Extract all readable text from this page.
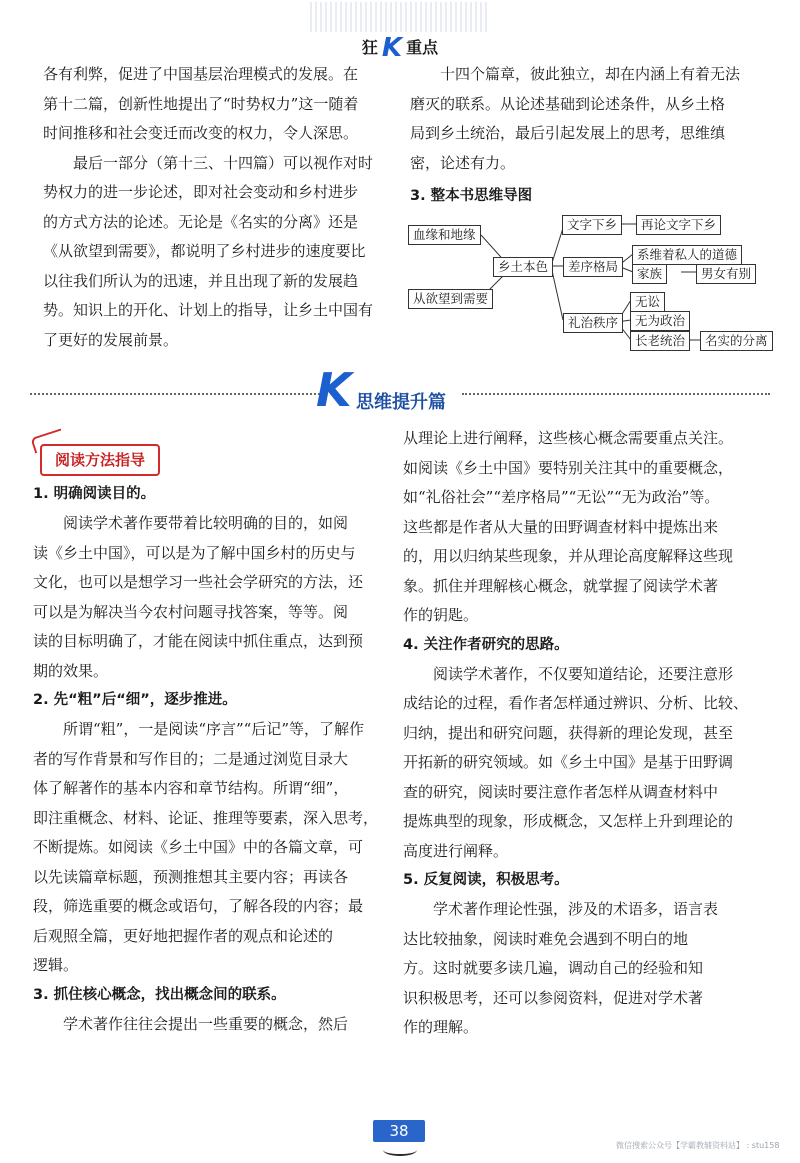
狂 K 重点

各有利弊，促进了中国基层治理模式的发展。在

第十二篇，创新性地提出了“时势权力”这一随着

时间推移和社会变迁而改变的权力，令人深思。

最后一部分（第十三、十四篇）可以视作对时

势权力的进一步论述，即对社会变动和乡村进步

的方式方法的论述。无论是《名实的分离》还是

《从欲望到需要》，都说明了乡村进步的速度要比

以往我们所认为的迅速，并且出现了新的发展趋

势。知识上的开化、计划上的指导，让乡土中国有

了更好的发展前景。

十四个篇章，彼此独立，却在内涵上有着无法

磨灭的联系。从论述基础到论述条件，从乡土格

局到乡土统治，最后引起发展上的思考，思维缜

密，论述有力。

3. 整本书思维导图
血缘和地缘
从欲望到需要
乡土本色
文字下乡	再论文字下乡
差序格局
系维着私人的道德
家族	男女有别
礼治秩序
无讼
无为政治
长老统治	名实的分离
K 思维提升篇
阅读方法指导
1. 明确阅读目的。

阅读学术著作要带着比较明确的目的，如阅

读《乡土中国》，可以是为了解中国乡村的历史与

文化，也可以是想学习一些社会学研究的方法，还

可以是为解决当今农村问题寻找答案，等等。阅

读的目标明确了，才能在阅读中抓住重点，达到预

期的效果。

2. 先“粗”后“细”，逐步推进。

所谓“粗”，一是阅读“序言”“后记”等，了解作

者的写作背景和写作目的；二是通过浏览目录大

体了解著作的基本内容和章节结构。所谓“细”，

即注重概念、材料、论证、推理等要素，深入思考，

不断提炼。如阅读《乡土中国》中的各篇文章，可

以先读篇章标题，预测推想其主要内容；再读各

段，筛选重要的概念或语句，了解各段的内容；最

后观照全篇，更好地把握作者的观点和论述的

逻辑。

3. 抓住核心概念，找出概念间的联系。

学术著作往往会提出一些重要的概念，然后

从理论上进行阐释，这些核心概念需要重点关注。

如阅读《乡土中国》要特别关注其中的重要概念，

如“礼俗社会”“差序格局”“无讼”“无为政治”等。

这些都是作者从大量的田野调查材料中提炼出来

的，用以归纳某些现象，并从理论高度解释这些现

象。抓住并理解核心概念，就掌握了阅读学术著

作的钥匙。

4. 关注作者研究的思路。

阅读学术著作，不仅要知道结论，还要注意形

成结论的过程，看作者怎样通过辨识、分析、比较、

归纳，提出和研究问题，获得新的理论发现，甚至

开拓新的研究领域。如《乡土中国》是基于田野调

查的研究，阅读时要注意作者怎样从调查材料中

提炼典型的现象，形成概念，又怎样上升到理论的

高度进行阐释。

5. 反复阅读，积极思考。

学术著作理论性强，涉及的术语多，语言表

达比较抽象，阅读时难免会遇到不明白的地

方。这时就要多读几遍，调动自己的经验和知

识积极思考，还可以参阅资料，促进对学术著

作的理解。

38
微信搜索公众号【学霸教辅资料站】 : stu158
